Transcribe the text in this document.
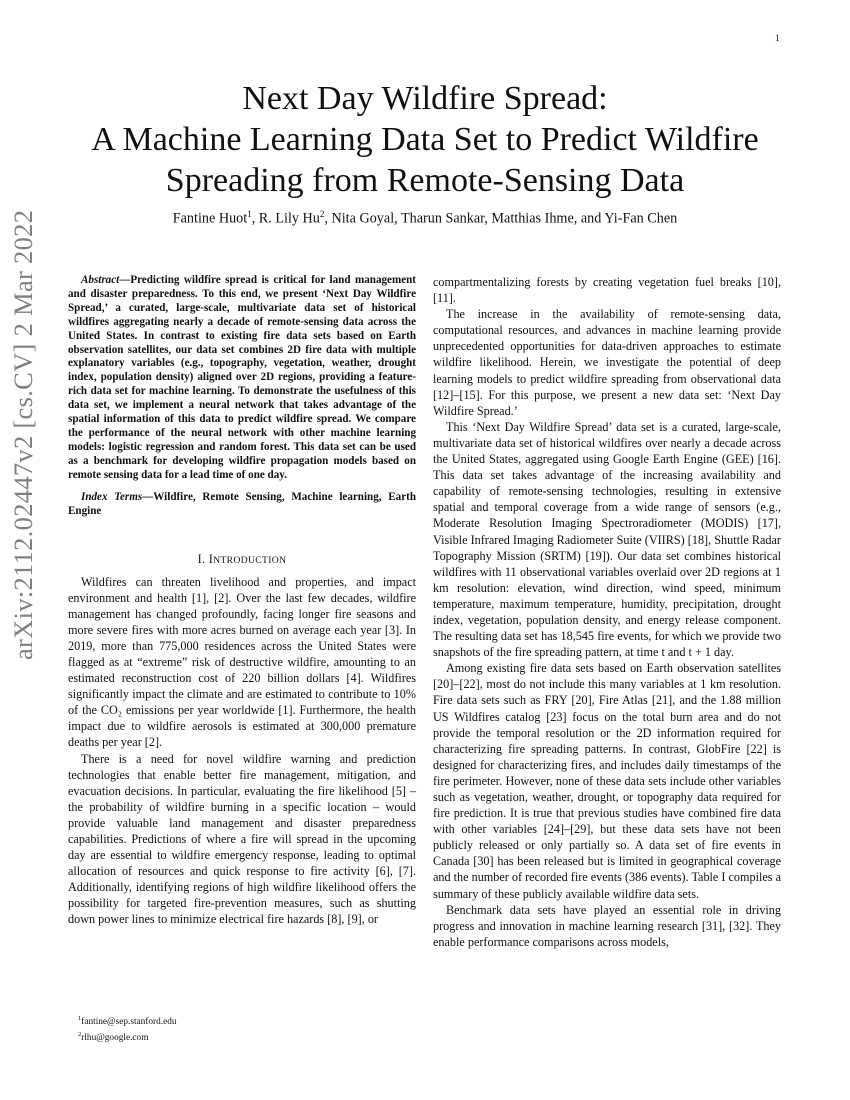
1
arXiv:2112.02447v2 [cs.CV] 2 Mar 2022
Next Day Wildfire Spread:
A Machine Learning Data Set to Predict Wildfire
Spreading from Remote-Sensing Data
Fantine Huot$^1$, R. Lily Hu$^2$, Nita Goyal, Tharun Sankar, Matthias Ihme, and Yi-Fan Chen

Abstract—Predicting wildfire spread is critical for land management and disaster preparedness. To this end, we present ‘Next Day Wildfire Spread,’ a curated, large-scale, multivariate data set of historical wildfires aggregating nearly a decade of remote-sensing data across the United States. In contrast to existing fire data sets based on Earth observation satellites, our data set combines 2D fire data with multiple explanatory variables (e.g., topography, vegetation, weather, drought index, population density) aligned over 2D regions, providing a feature-rich data set for machine learning. To demonstrate the usefulness of this data set, we implement a neural network that takes advantage of the spatial information of this data to predict wildfire spread. We compare the performance of the neural network with other machine learning models: logistic regression and random forest. This data set can be used as a benchmark for developing wildfire propagation models based on remote sensing data for a lead time of one day.

Index Terms—Wildfire, Remote Sensing, Machine learning, Earth Engine

I. INTRODUCTION

Wildfires can threaten livelihood and properties, and impact environment and health [1], [2]. Over the last few decades, wildfire management has changed profoundly, facing longer fire seasons and more severe fires with more acres burned on average each year [3]. In 2019, more than 775,000 residences across the United States were flagged as at “extreme” risk of destructive wildfire, amounting to an estimated reconstruction cost of 220 billion dollars [4]. Wildfires significantly impact the climate and are estimated to contribute to 10% of the CO₂ emissions per year worldwide [1]. Furthermore, the health impact due to wildfire aerosols is estimated at 300,000 premature deaths per year [2].

There is a need for novel wildfire warning and prediction technologies that enable better fire management, mitigation, and evacuation decisions. In particular, evaluating the fire likelihood [5] – the probability of wildfire burning in a specific location – would provide valuable land management and disaster preparedness capabilities. Predictions of where a fire will spread in the upcoming day are essential to wildfire emergency response, leading to optimal allocation of resources and quick response to fire activity [6], [7]. Additionally, identifying regions of high wildfire likelihood offers the possibility for targeted fire-prevention measures, such as shutting down power lines to minimize electrical fire hazards [8], [9], or

compartmentalizing forests by creating vegetation fuel breaks [10], [11].

The increase in the availability of remote-sensing data, computational resources, and advances in machine learning provide unprecedented opportunities for data-driven approaches to estimate wildfire likelihood. Herein, we investigate the potential of deep learning models to predict wildfire spreading from observational data [12]–[15]. For this purpose, we present a new data set: ‘Next Day Wildfire Spread.’

This ‘Next Day Wildfire Spread’ data set is a curated, large-scale, multivariate data set of historical wildfires over nearly a decade across the United States, aggregated using Google Earth Engine (GEE) [16]. This data set takes advantage of the increasing availability and capability of remote-sensing technologies, resulting in extensive spatial and temporal coverage from a wide range of sensors (e.g., Moderate Resolution Imaging Spectroradiometer (MODIS) [17], Visible Infrared Imaging Radiometer Suite (VIIRS) [18], Shuttle Radar Topography Mission (SRTM) [19]). Our data set combines historical wildfires with 11 observational variables overlaid over 2D regions at 1 km resolution: elevation, wind direction, wind speed, minimum temperature, maximum temperature, humidity, precipitation, drought index, vegetation, population density, and energy release component. The resulting data set has 18,545 fire events, for which we provide two snapshots of the fire spreading pattern, at time t and t + 1 day.

Among existing fire data sets based on Earth observation satellites [20]–[22], most do not include this many variables at 1 km resolution. Fire data sets such as FRY [20], Fire Atlas [21], and the 1.88 million US Wildfires catalog [23] focus on the total burn area and do not provide the temporal resolution or the 2D information required for characterizing fire spreading patterns. In contrast, GlobFire [22] is designed for characterizing fires, and includes daily timestamps of the fire perimeter. However, none of these data sets include other variables such as vegetation, weather, drought, or topography data required for fire prediction. It is true that previous studies have combined fire data with other variables [24]–[29], but these data sets have not been publicly released or only partially so. A data set of fire events in Canada [30] has been released but is limited in geographical coverage and the number of recorded fire events (386 events). Table I compiles a summary of these publicly available wildfire data sets.

Benchmark data sets have played an essential role in driving progress and innovation in machine learning research [31], [32]. They enable performance comparisons across models,

$^1$fantine@sep.stanford.edu
$^2$rlhu@google.com
